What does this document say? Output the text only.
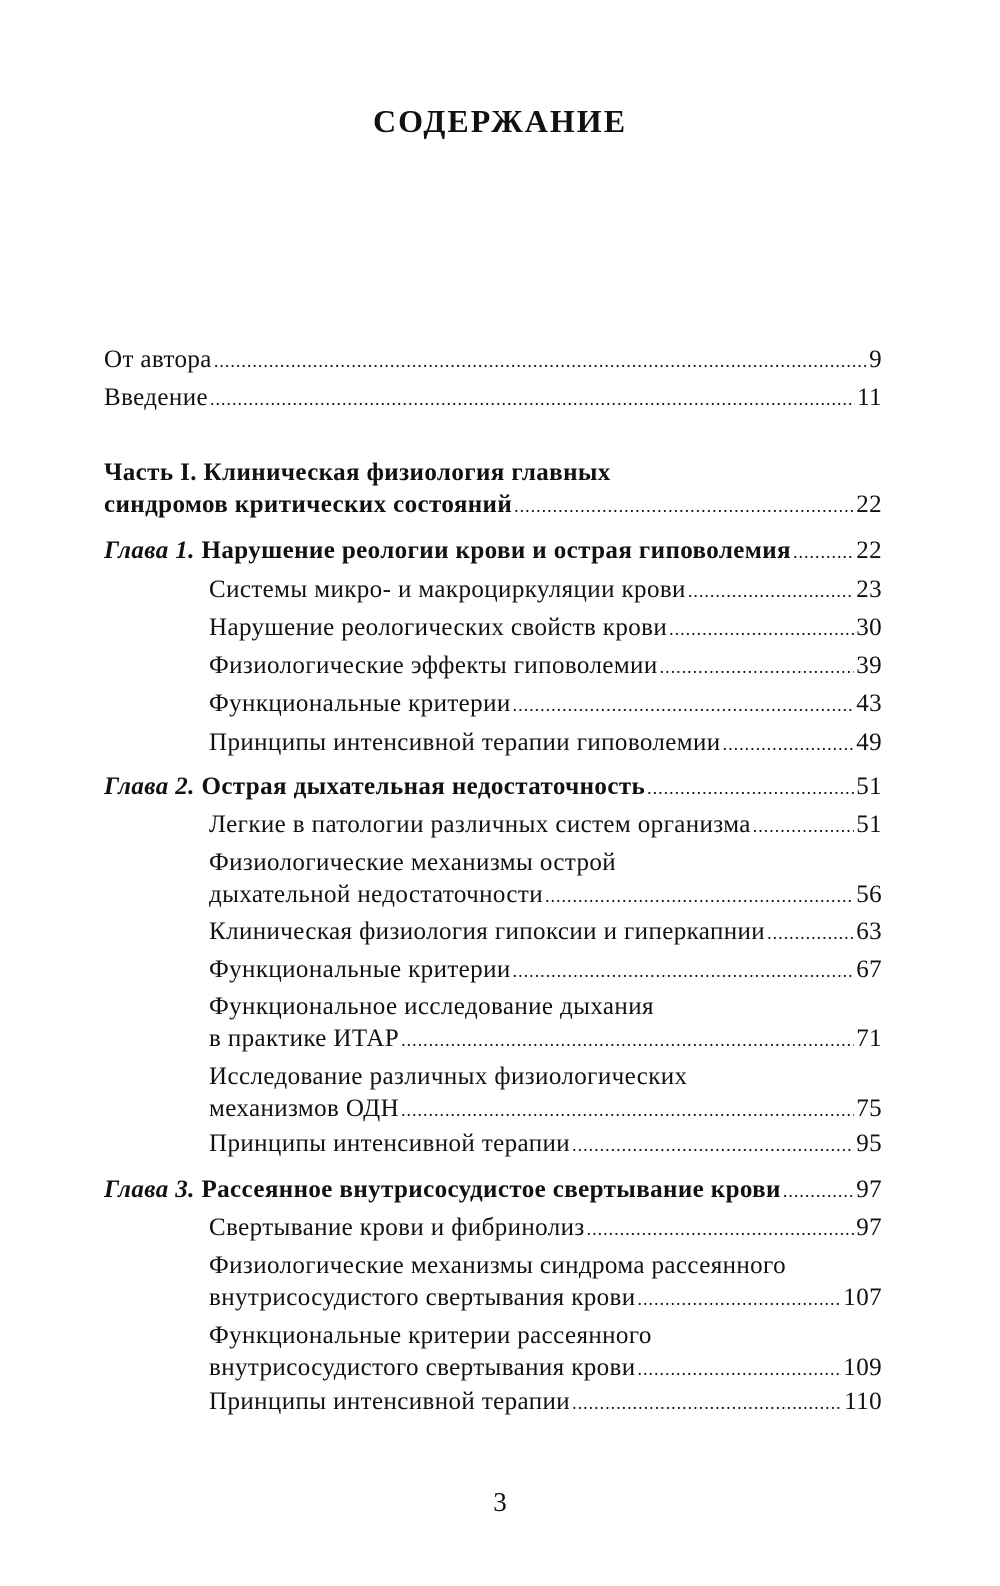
СОДЕРЖАНИЕ
От автора .....	9
Введение .....	11
Часть I. Клиническая физиология главных
синдромов критических состояний .....	22
Глава 1.
Нарушение реологии крови и острая гиповолемия .....	22
Системы микро- и макроциркуляции крови .....	23
Нарушение реологических свойств крови .....	30
Физиологические эффекты гиповолемии .....	39
Функциональные критерии .....	43
Принципы интенсивной терапии гиповолемии .....	49
Глава 2.
Острая дыхательная недостаточность .....	51
Легкие в патологии различных систем организма .....	51
Физиологические механизмы острой
дыхательной недостаточности .....	56
Клиническая физиология гипоксии и гиперкапнии .....	63
Функциональные критерии .....	67
Функциональное исследование дыхания
в практике ИТАР .....	71
Исследование различных физиологических
механизмов ОДН .....	75
Принципы интенсивной терапии .....	95
Глава 3.
Рассеянное внутрисосудистое свертывание крови .....	97
Свертывание крови и фибринолиз .....	97
Физиологические механизмы синдрома рассеянного
внутрисосудистого свертывания крови .....	107
Функциональные критерии рассеянного
внутрисосудистого свертывания крови .....	109
Принципы интенсивной терапии .....	110
3
